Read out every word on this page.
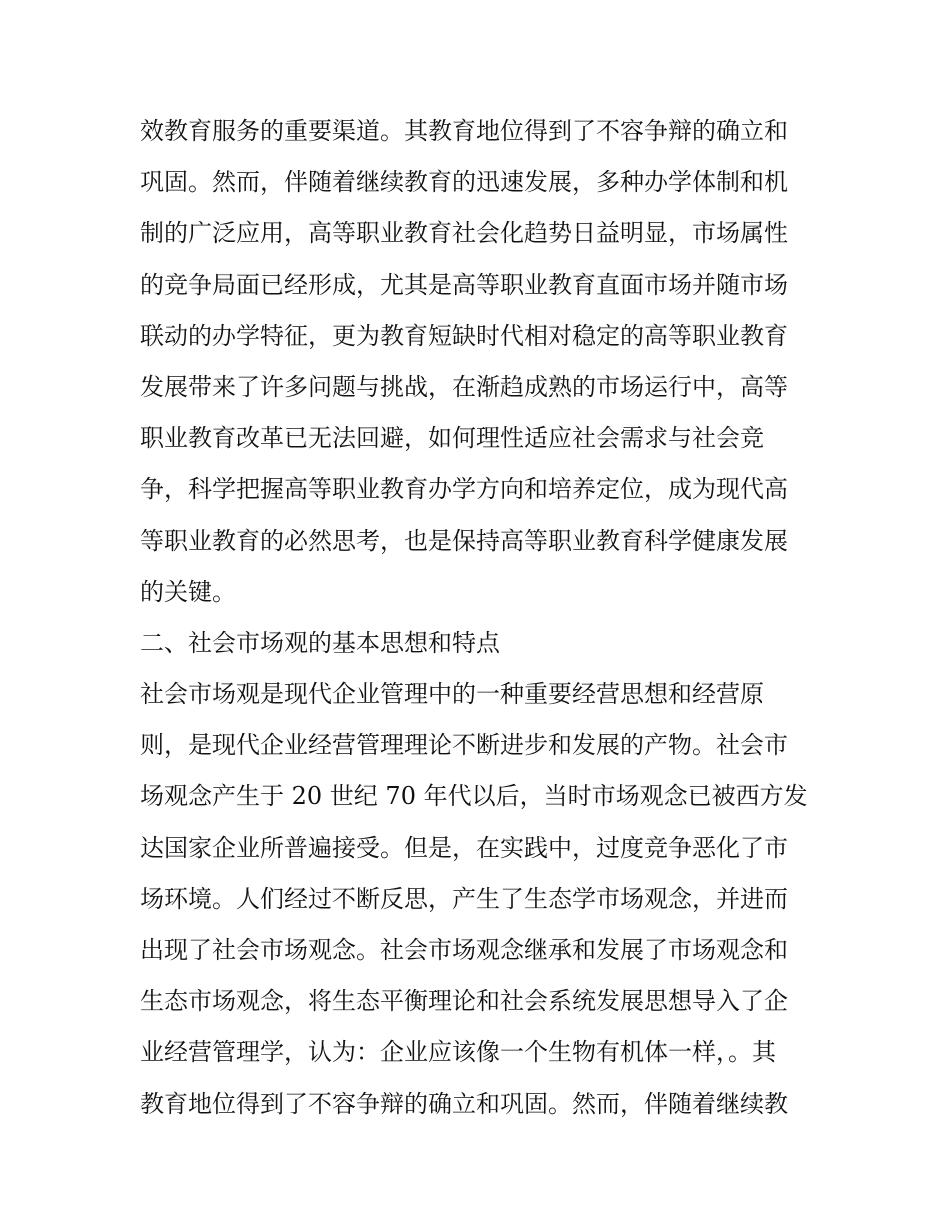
效教育服务的重要渠道。其教育地位得到了不容争辩的确立和
巩固。然而，伴随着继续教育的迅速发展，多种办学体制和机
制的广泛应用，高等职业教育社会化趋势日益明显，市场属性
的竞争局面已经形成，尤其是高等职业教育直面市场并随市场
联动的办学特征，更为教育短缺时代相对稳定的高等职业教育
发展带来了许多问题与挑战，在渐趋成熟的市场运行中，高等
职业教育改革已无法回避，如何理性适应社会需求与社会竞
争，科学把握高等职业教育办学方向和培养定位，成为现代高
等职业教育的必然思考，也是保持高等职业教育科学健康发展
的关键。
二、社会市场观的基本思想和特点
社会市场观是现代企业管理中的一种重要经营思想和经营原
则，是现代企业经营管理理论不断进步和发展的产物。社会市
场观念产生于 20 世纪 70 年代以后，当时市场观念已被西方发
达国家企业所普遍接受。但是，在实践中，过度竞争恶化了市
场环境。人们经过不断反思，产生了生态学市场观念，并进而
出现了社会市场观念。社会市场观念继承和发展了市场观念和
生态市场观念，将生态平衡理论和社会系统发展思想导入了企
业经营管理学，认为：企业应该像一个生物有机体一样，。其
教育地位得到了不容争辩的确立和巩固。然而，伴随着继续教
